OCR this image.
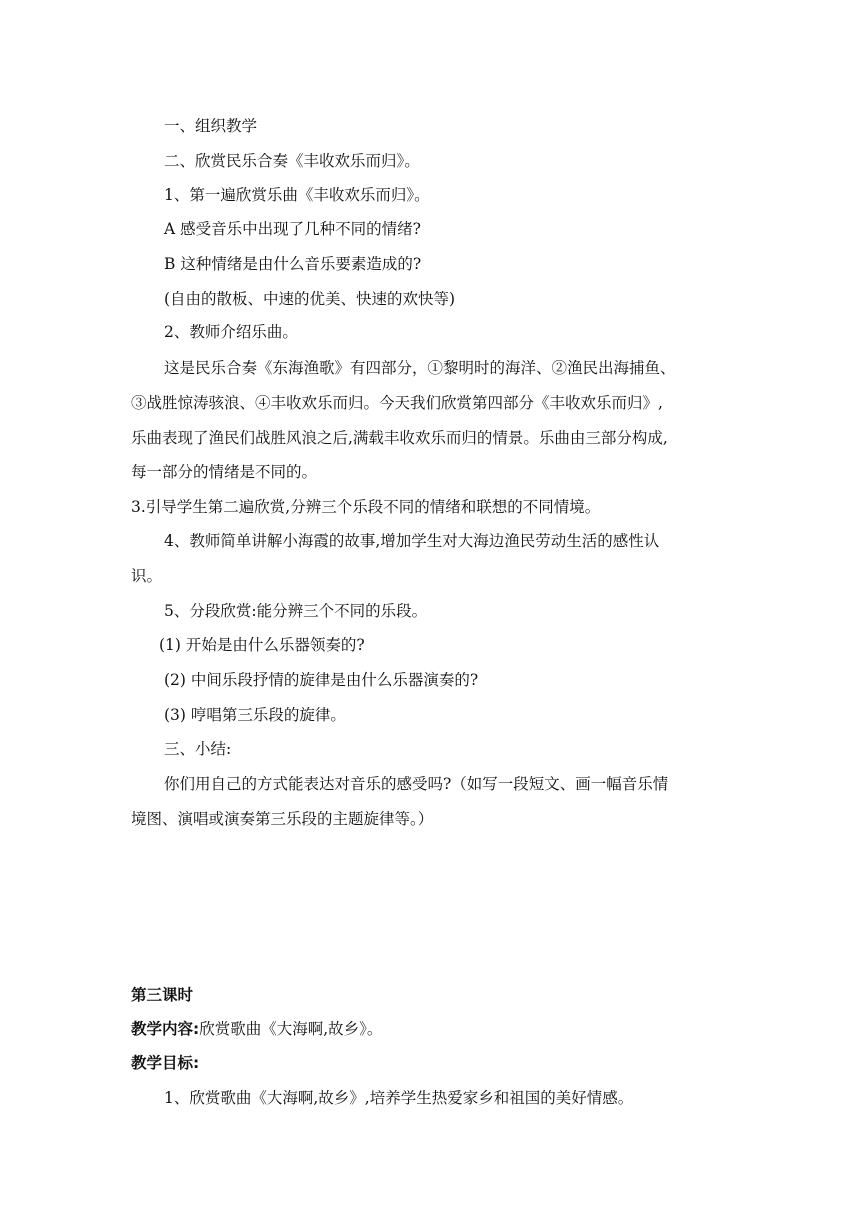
一、组织教学
二、欣赏民乐合奏《丰收欢乐而归》。
1、第一遍欣赏乐曲《丰收欢乐而归》。
A 感受音乐中出现了几种不同的情绪?
B 这种情绪是由什么音乐要素造成的?
(自由的散板、中速的优美、快速的欢快等)
2、教师介绍乐曲。
这是民乐合奏《东海渔歌》有四部分，①黎明时的海洋、②渔民出海捕鱼、
③战胜惊涛骇浪、④丰收欢乐而归。今天我们欣赏第四部分《丰收欢乐而归》,
乐曲表现了渔民们战胜风浪之后,满载丰收欢乐而归的情景。乐曲由三部分构成,
每一部分的情绪是不同的。
3.引导学生第二遍欣赏,分辨三个乐段不同的情绪和联想的不同情境。
4、教师简单讲解小海霞的故事,增加学生对大海边渔民劳动生活的感性认
识。
5、分段欣赏:能分辨三个不同的乐段。
(1) 开始是由什么乐器领奏的?
(2) 中间乐段抒情的旋律是由什么乐器演奏的?
(3) 哼唱第三乐段的旋律。
三、小结:
你们用自己的方式能表达对音乐的感受吗?（如写一段短文、画一幅音乐情
境图、演唱或演奏第三乐段的主题旋律等。）
第三课时
教学内容:欣赏歌曲《大海啊,故乡》。
教学目标:
1、欣赏歌曲《大海啊,故乡》,培养学生热爱家乡和祖国的美好情感。
